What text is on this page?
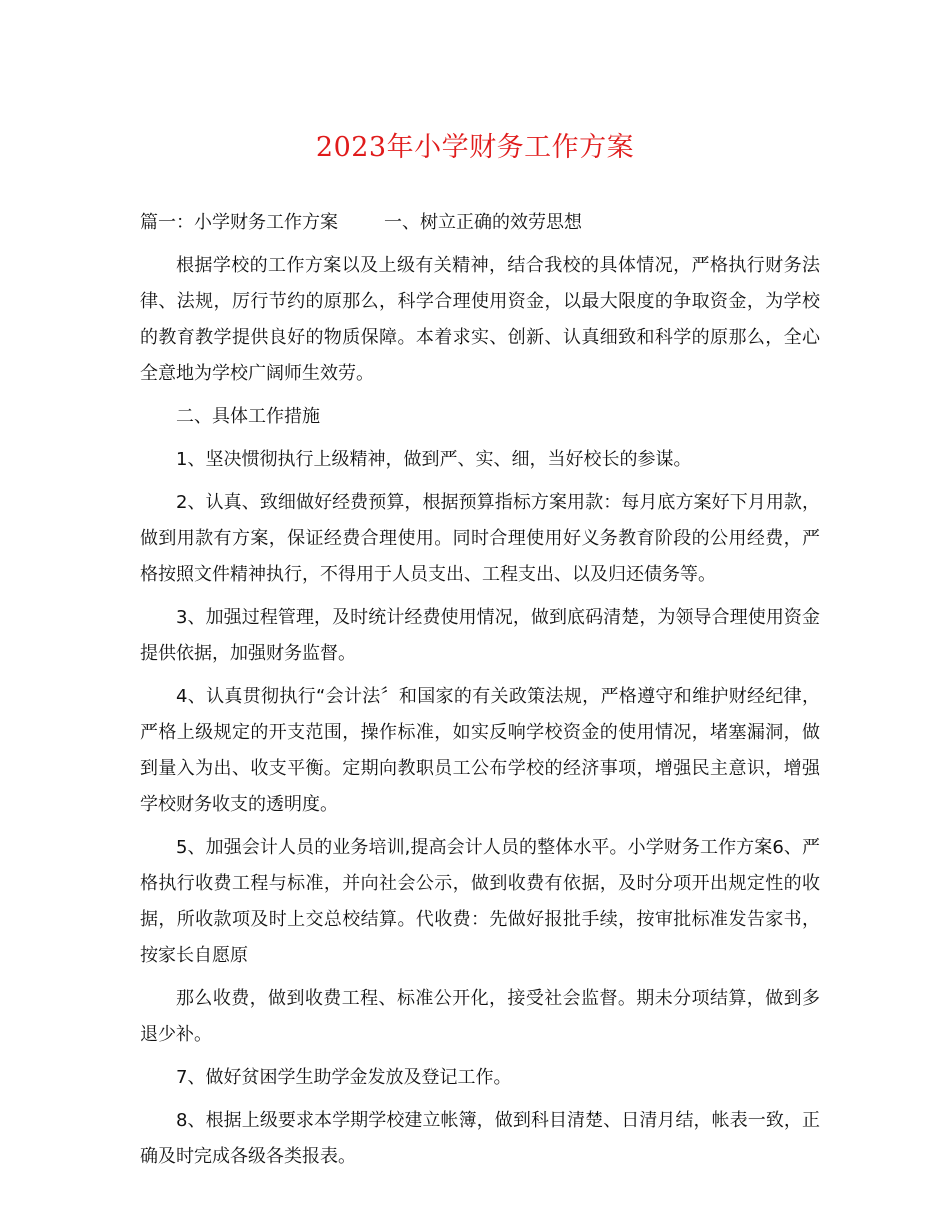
2023年小学财务工作方案

篇一：小学财务工作方案	一、树立正确的效劳思想

根据学校的工作方案以及上级有关精神，结合我校的具体情况，严格执行财务法律、法规，厉行节约的原那么，科学合理使用资金，以最大限度的争取资金，为学校的教育教学提供良好的物质保障。本着求实、创新、认真细致和科学的原那么，全心全意地为学校广阔师生效劳。

二、具体工作措施

1、坚决惯彻执行上级精神，做到严、实、细，当好校长的参谋。

2、认真、致细做好经费预算，根据预算指标方案用款：每月底方案好下月用款，做到用款有方案，保证经费合理使用。同时合理使用好义务教育阶段的公用经费，严格按照文件精神执行，不得用于人员支出、工程支出、以及归还债务等。

3、加强过程管理，及时统计经费使用情况，做到底码清楚，为领导合理使用资金提供依据，加强财务监督。

4、认真贯彻执行“会计法〞和国家的有关政策法规，严格遵守和维护财经纪律，严格上级规定的开支范围，操作标准，如实反响学校资金的使用情况，堵塞漏洞，做到量入为出、收支平衡。定期向教职员工公布学校的经济事项，增强民主意识，增强学校财务收支的透明度。

5、加强会计人员的业务培训,提高会计人员的整体水平。小学财务工作方案6、严格执行收费工程与标准，并向社会公示，做到收费有依据，及时分项开出规定性的收据，所收款项及时上交总校结算。代收费：先做好报批手续，按审批标准发告家书，按家长自愿原

那么收费，做到收费工程、标准公开化，接受社会监督。期未分项结算，做到多退少补。

7、做好贫困学生助学金发放及登记工作。

8、根据上级要求本学期学校建立帐簿，做到科目清楚、日清月结，帐表一致，正确及时完成各级各类报表。
